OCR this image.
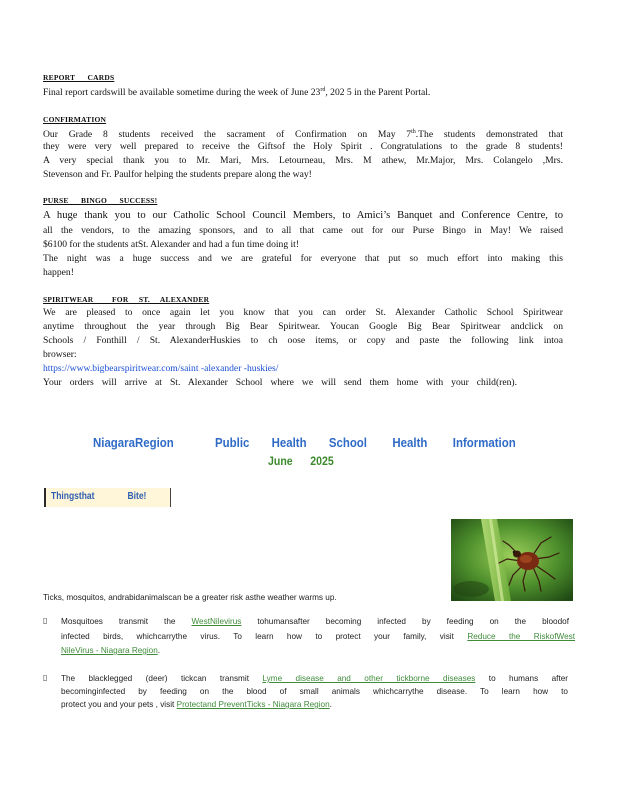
REPORT      CARDS
Final report cardswill be available sometime during the week of June 23rd, 202 5 in the Parent Portal.
CONFIRMATION
Our Grade 8 students received the sacrament of Confirmation on May 7th.The students demonstrated that
they were very well prepared to receive the Giftsof the Holy Spirit . Congratulations to the grade 8 students!
A very special thank you to Mr. Mari, Mrs. Letourneau, Mrs. M athew, Mr.Major, Mrs. Colangelo ,Mrs.
Stevenson and Fr. Paulfor helping the students prepare along the way!
PURSE      BINGO      SUCCESS!
A huge thank you to our Catholic School Council Members, to Amici’s Banquet and Conference Centre, to
all the vendors, to the amazing sponsors, and to all that came out for our Purse Bingo in May! We raised
$6100 for the students atSt. Alexander and had a fun time doing it!
The night was a huge success and we are grateful for everyone that put so much effort into making this
happen!
SPIRITWEAR         FOR     ST.     ALEXANDER
We are pleased to once again let you know that you can order St. Alexander Catholic School Spiritwear
anytime throughout the year through Big Bear Spiritwear. Youcan Google Big Bear Spiritwear andclick on
Schools / Fonthill / St. AlexanderHuskies to ch oose items, or copy and paste the following link intoa
browser:
https://www.bigbearspiritwear.com/saint -alexander -huskies/
Your orders will arrive at St. Alexander School where we will send them home with your child(ren).
NiagaraRegion             Public       Health       School        Health        Information
June      2025
Thingsthat              Bite!
Ticks, mosquitos, andrabidanimalscan be a greater risk asthe weather warms up.
▯ Mosquitoes transmit the WestNilevirus tohumansafter becoming infected by feeding on the bloodof
infected birds, whichcarrythe virus. To learn how to protect your family, visit Reduce the RiskofWest
NileVirus - Niagara Region.
▯ The blacklegged (deer) tickcan transmit Lyme disease and other tickborne diseases to humans after
becominginfected by feeding on the blood of small animals whichcarrythe disease. To learn how to
protect you and your pets , visit Protectand PreventTicks - Niagara Region.
